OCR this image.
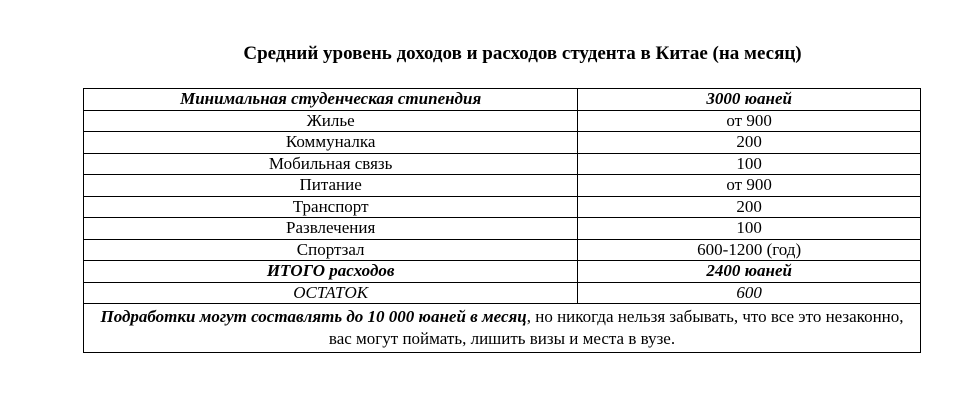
Средний уровень доходов и расходов студента в Китае (на месяц)
Минимальная студенческая стипендия	3000 юаней
Жилье	от 900
Коммуналка	200
Мобильная связь	100
Питание	от 900
Транспорт	200
Развлечения	100
Спортзал	600-1200 (год)
ИТОГО расходов	2400 юаней
ОСТАТОК	600
Подработки могут составлять до 10 000 юаней в месяц, но никогда нельзя забывать, что все это незаконно, вас могут поймать, лишить визы и места в вузе.	
